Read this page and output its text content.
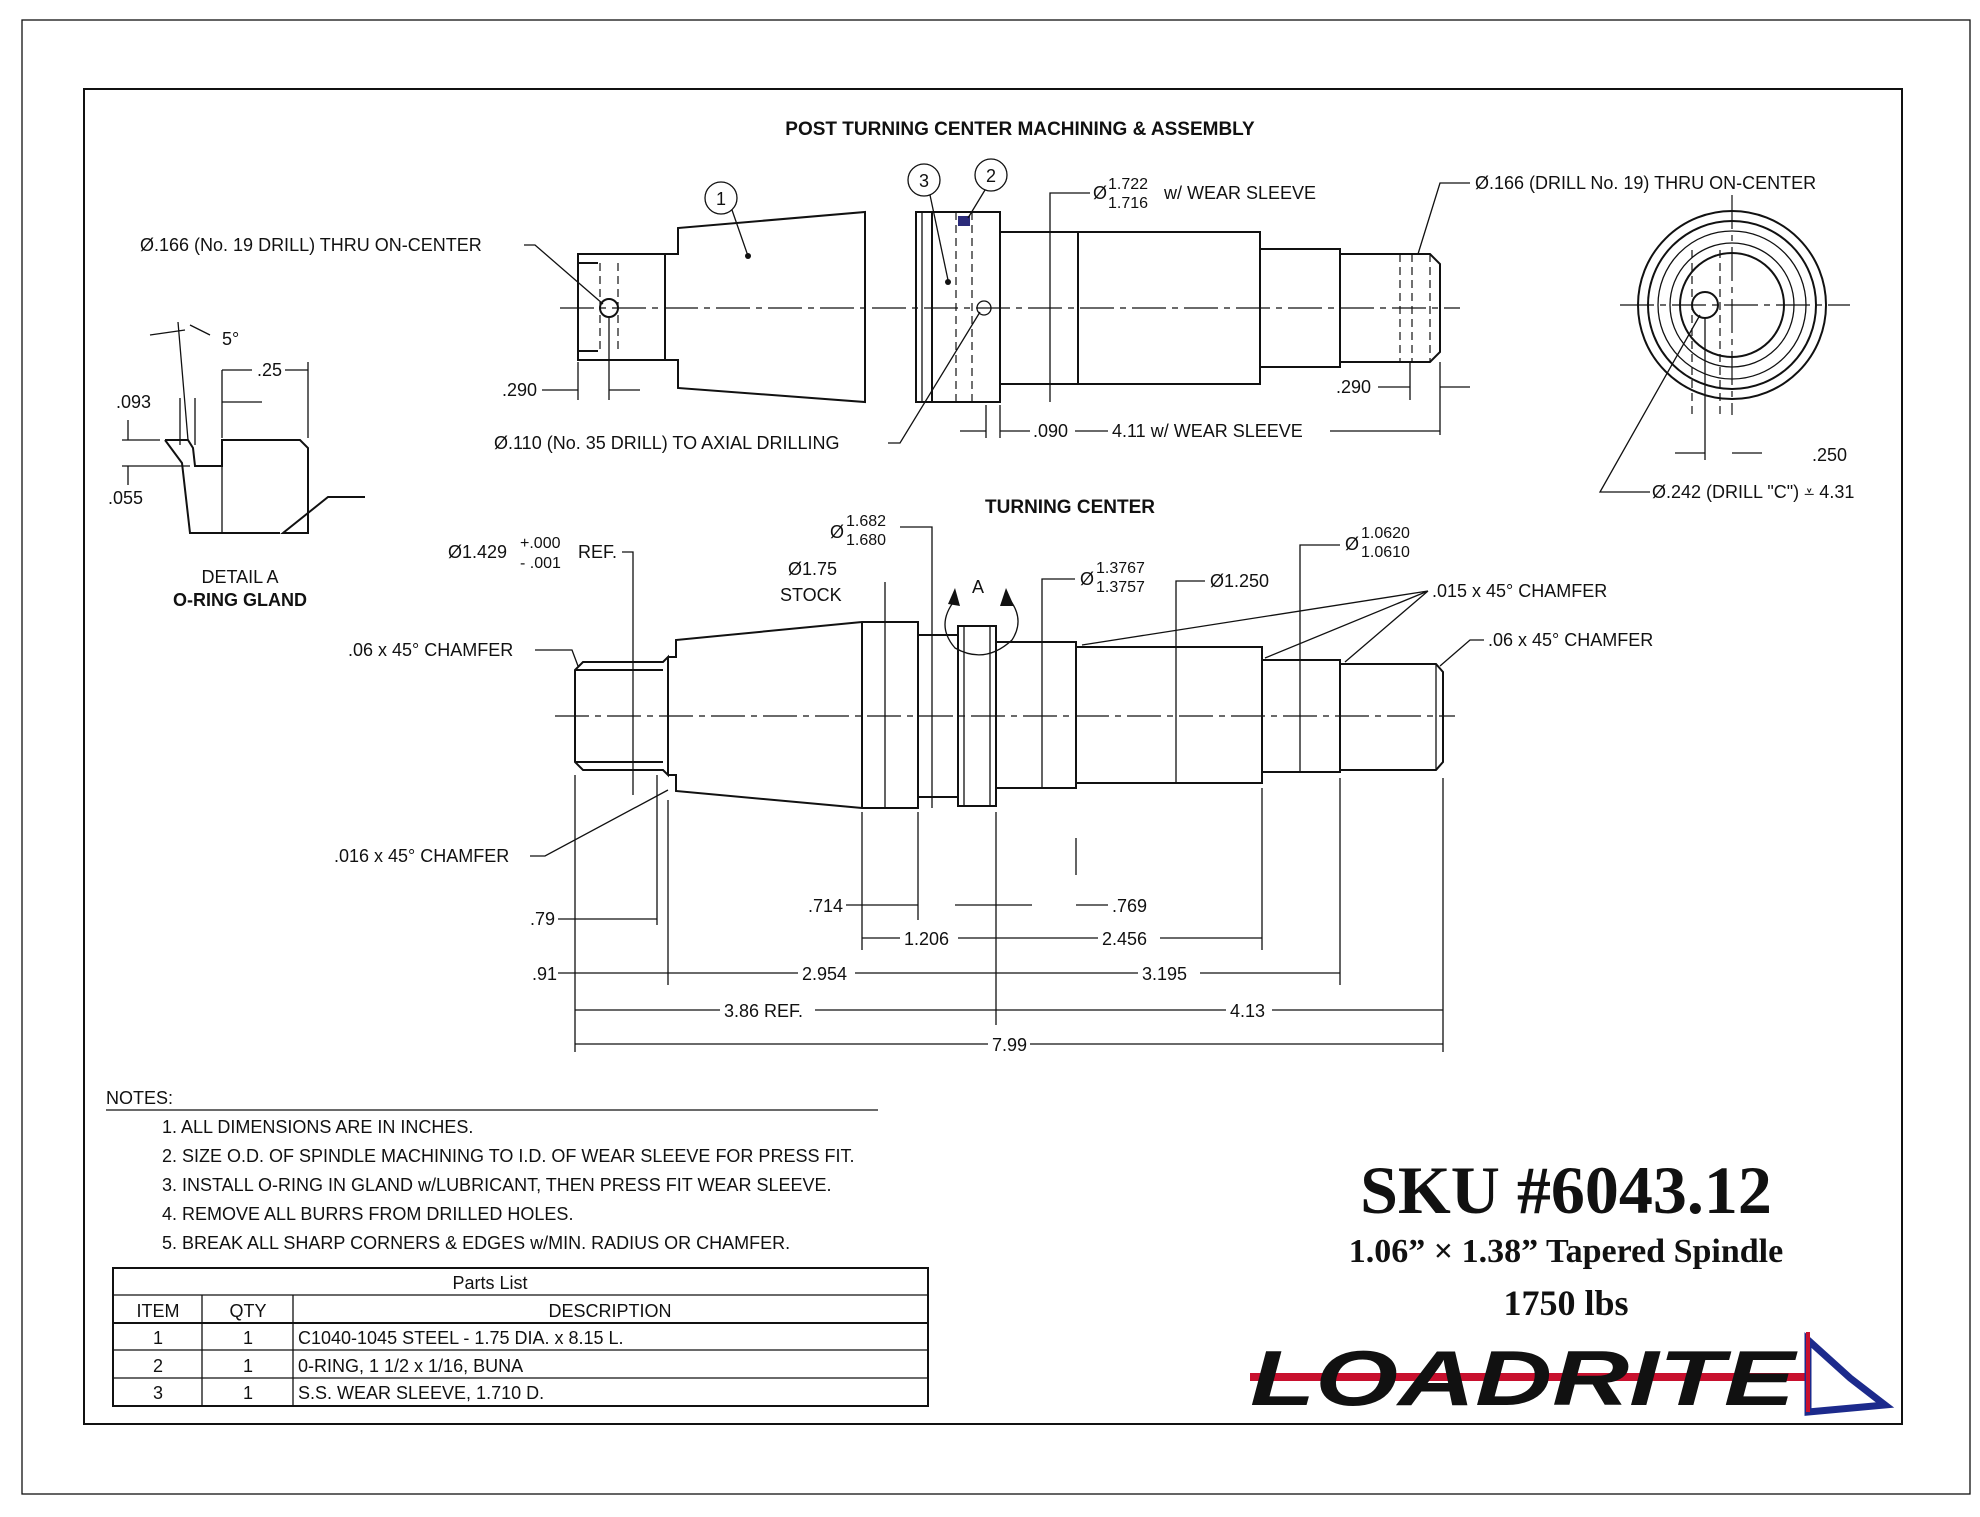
POST TURNING CENTER MACHINING & ASSEMBLY
1
3	2
Ø.166 (No. 19 DRILL) THRU ON-CENTER
Ø 1.722
1.716
w/ WEAR SLEEVE	Ø.166 (DRILL No. 19) THRU ON-CENTER
.290	.290
.090 4.11 w/ WEAR SLEEVE
Ø.110 (No. 35 DRILL) TO AXIAL DRILLING
.250
Ø.242 (DRILL "C") ⩡ 4.31
5°
.25
.093
.055
DETAIL A
O-RING GLAND
TURNING CENTER
Ø1.429 +.000
- .001
REF.
Ø
1.682
1.680
Ø1.75
STOCK	A	Ø
1.3767
1.3757	Ø1.250
Ø
1.0620
1.0610
.015 x 45° CHAMFER
.06 x 45° CHAMFER	.06 x 45° CHAMFER
.016 x 45° CHAMFER
.714	.769
1.206	2.456
.79
.91	2.954	3.195
3.86 REF.	4.13
7.99
NOTES:
1. ALL DIMENSIONS ARE IN INCHES.
2. SIZE O.D. OF SPINDLE MACHINING TO I.D. OF WEAR SLEEVE FOR PRESS FIT.
3. INSTALL O-RING IN GLAND w/LUBRICANT, THEN PRESS FIT WEAR SLEEVE.
4. REMOVE ALL BURRS FROM DRILLED HOLES.
5. BREAK ALL SHARP CORNERS & EDGES w/MIN. RADIUS OR CHAMFER.
Parts List
ITEM	QTY	DESCRIPTION
1	1 C1040-1045 STEEL - 1.75 DIA. x 8.15 L.
2	1 0-RING, 1 1/2 x 1/16, BUNA
3	1 S.S. WEAR SLEEVE, 1.710 D.
SKU #6043.12
1.06” × 1.38” Tapered Spindle
1750 lbs
LOADRITE
